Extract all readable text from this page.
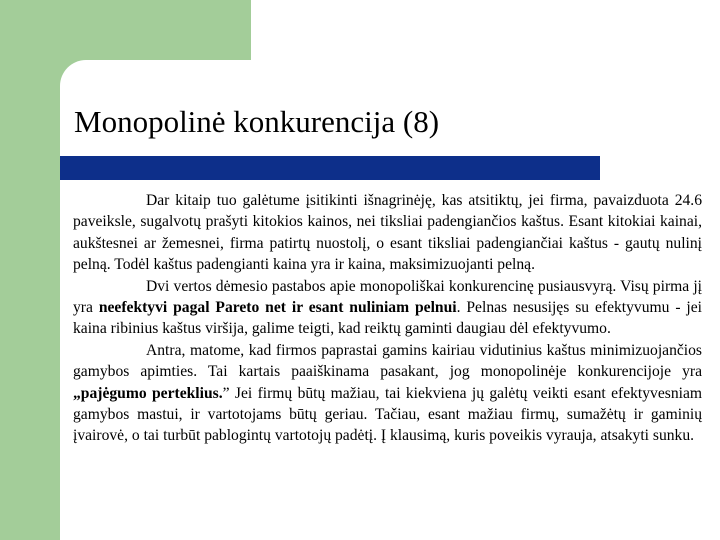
Monopolinė konkurencija (8)

Dar kitaip tuo galėtume įsitikinti išnagrinėję, kas atsitiktų, jei firma, pavaizduota 24.6 paveiksle, sugalvotų prašyti kitokios kainos, nei tiksliai padengiančios kaštus. Esant kitokiai kainai, aukštesnei ar žemesnei, firma patirtų nuostolį, o esant tiksliai padengiančiai kaštus - gautų nulinį pelną. Todėl kaštus padengianti kaina yra ir kaina, maksimizuojanti pelną.

Dvi vertos dėmesio pastabos apie monopoliškai konkurencinę pusiausvyrą. Visų pirma jį yra neefektyvi pagal Pareto net ir esant nuliniam pelnui. Pelnas nesusijęs su efektyvumu - jei kaina ribinius kaštus viršija, galime teigti, kad reiktų gaminti daugiau dėl efektyvumo.

Antra, matome, kad firmos paprastai gamins kairiau vidutinius kaštus minimizuojančios gamybos apimties. Tai kartais paaiškinama pasakant, jog monopolinėje konkurencijoje yra „pajėgumo perteklius.” Jei firmų būtų mažiau, tai kiekviena jų galėtų veikti esant efektyvesniam gamybos mastui, ir vartotojams būtų geriau. Tačiau, esant mažiau firmų, sumažėtų ir gaminių įvairovė, o tai turbūt pablogintų vartotojų padėtį. Į klausimą, kuris poveikis vyrauja, atsakyti sunku.
